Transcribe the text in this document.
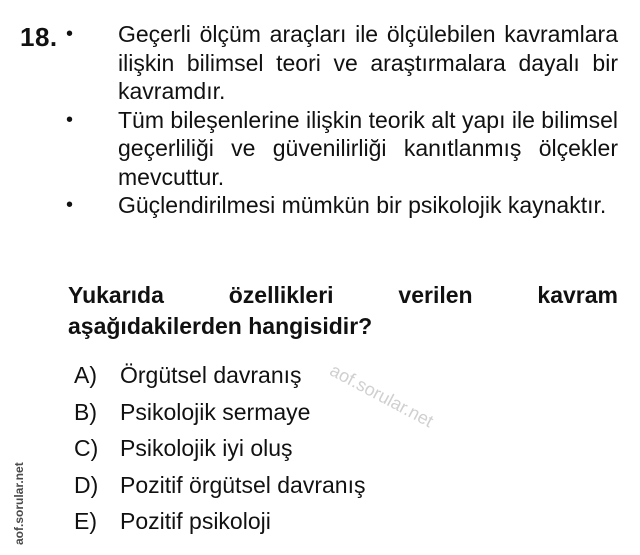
18. •	Geçerli ölçüm araçları ile ölçülebilen kavramlara ilişkin bilimsel teori ve araştırmalara dayalı bir kavramdır.
•	Tüm bileşenlerine ilişkin teorik alt yapı ile bilimsel geçerliliği ve güvenilirliği kanıtlanmış ölçekler mevcuttur.
•	Güçlendirilmesi mümkün bir psikolojik kaynaktır.

Yukarıda özellikleri verilen kavram aşağıdakilerden hangisidir?

A)	Örgütsel davranış
B)	Psikolojik sermaye
C) Psikolojik iyi oluş
D) Pozitif örgütsel davranış
E)	Pozitif psikoloji
aof.sorular.net
aof.sorular.net
